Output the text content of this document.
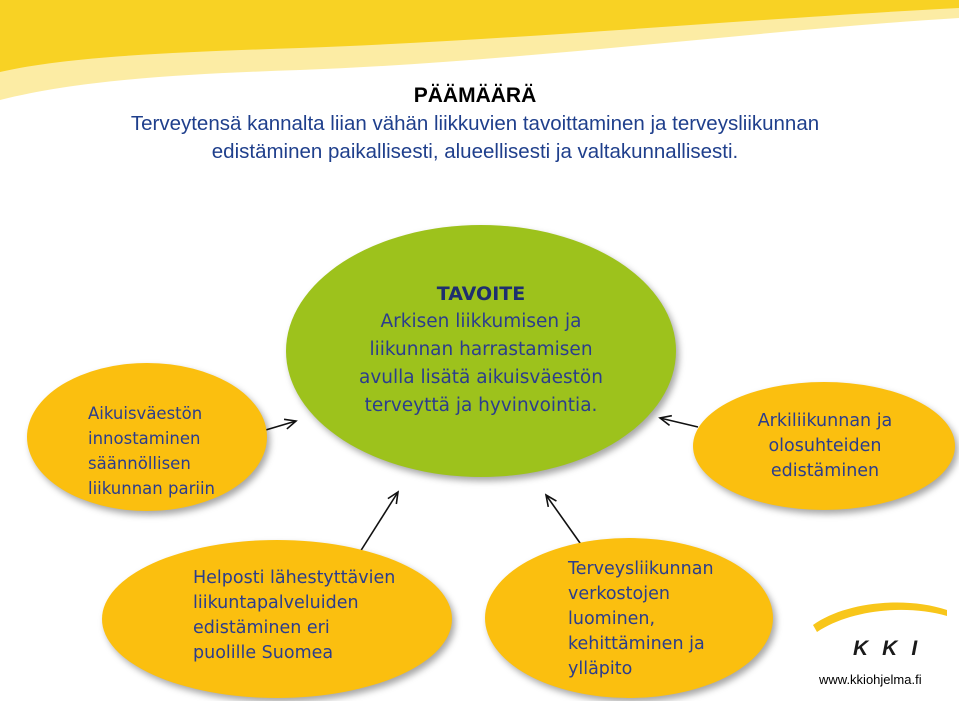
PÄÄMÄÄRÄ
Terveytensä kannalta liian vähän liikkuvien tavoittaminen ja terveysliikunnan
edistäminen paikallisesti, alueellisesti ja valtakunnallisesti.
TAVOITE
Arkisen liikkumisen ja
liikunnan harrastamisen
avulla lisätä aikuisväestön
terveyttä ja hyvinvointia.
Aikuisväestön
innostaminen
säännöllisen
liikunnan pariin
Arkiliikunnan ja
olosuhteiden
edistäminen
Helposti lähestyttävien
liikuntapalveluiden
edistäminen eri
puolille Suomea
Terveysliikunnan
verkostojen
luominen,
kehittäminen ja
ylläpito
KKI
www.kkiohjelma.fi
